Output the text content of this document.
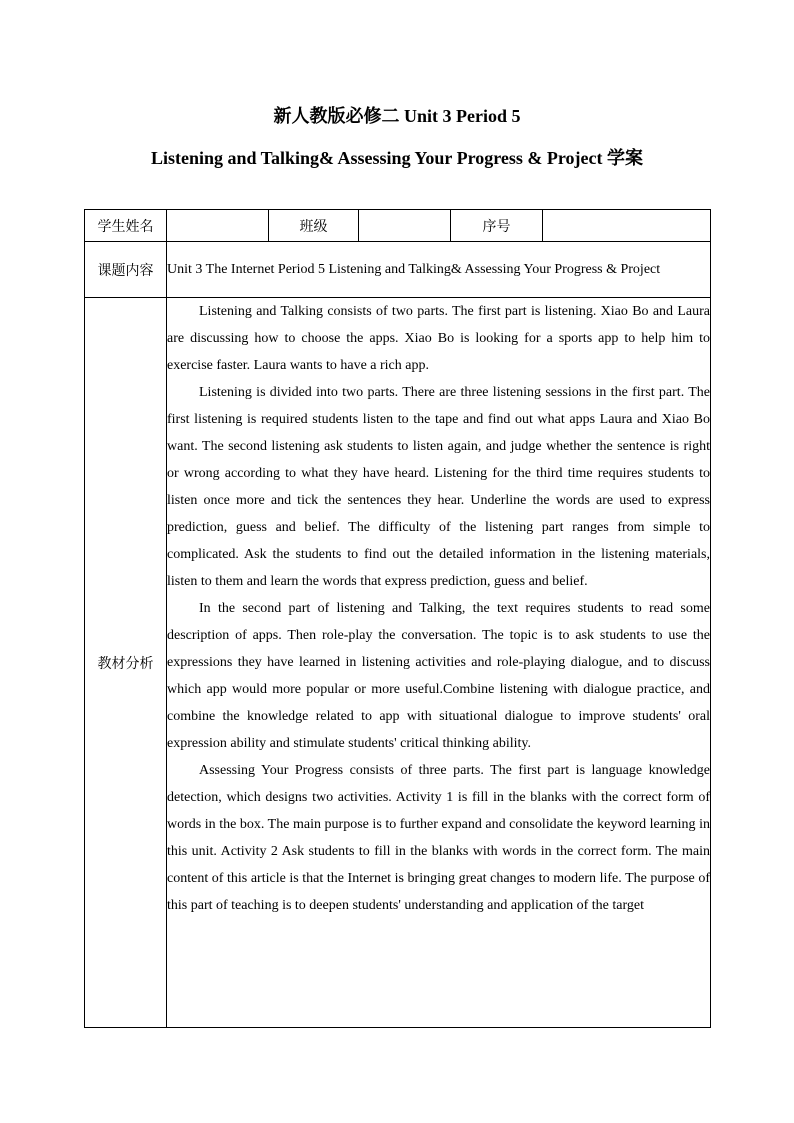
新人教版必修二 Unit 3 Period 5
Listening and Talking& Assessing Your Progress & Project 学案
学生姓名		班级		序号	
课题内容	Unit 3 The Internet Period 5 Listening and Talking& Assessing Your Progress & Project				
教材分析	Listening and Talking consists of two parts. The first part is listening. Xiao Bo and Laura are discussing how to choose the apps. Xiao Bo is looking for a sports app to help him to exercise faster. Laura wants to have a rich app.

Listening is divided into two parts. There are three listening sessions in the first part. The first listening is required students listen to the tape and find out what apps Laura and Xiao Bo want. The second listening ask students to listen again, and judge whether the sentence is right or wrong according to what they have heard. Listening for the third time requires students to listen once more and tick the sentences they hear. Underline the words are used to express prediction, guess and belief. The difficulty of the listening part ranges from simple to complicated. Ask the students to find out the detailed information in the listening materials, listen to them and learn the words that express prediction, guess and belief.

In the second part of listening and Talking, the text requires students to read some description of apps. Then role-play the conversation. The topic is to ask students to use the expressions they have learned in listening activities and role-playing dialogue, and to discuss which app would more popular or more useful.Combine listening with dialogue practice, and combine the knowledge related to app with situational dialogue to improve students' oral expression ability and stimulate students' critical thinking ability.

Assessing Your Progress consists of three parts. The first part is language knowledge detection, which designs two activities. Activity 1 is fill in the blanks with the correct form of words in the box. The main purpose is to further expand and consolidate the keyword learning in this unit. Activity 2 Ask students to fill in the blanks with words in the correct form. The main content of this article is that the Internet is bringing great changes to modern life. The purpose of this part of teaching is to deepen students' understanding and application of the target				
